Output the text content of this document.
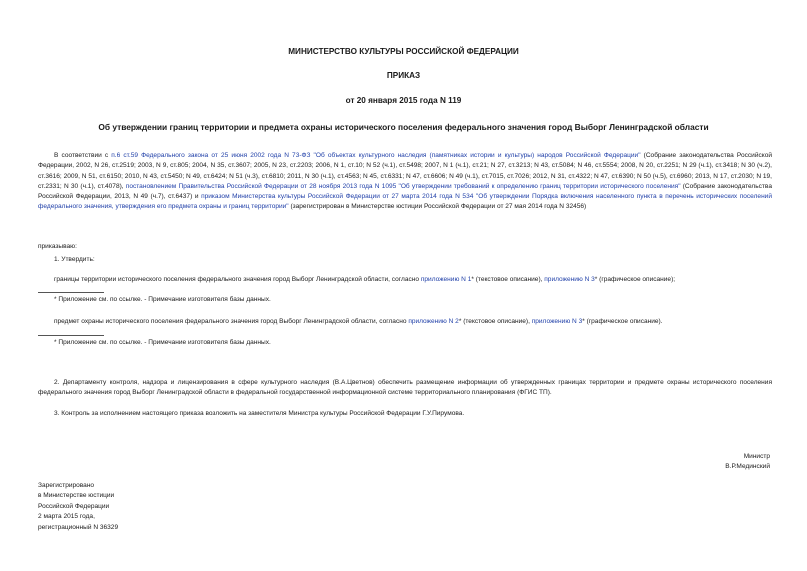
МИНИСТЕРСТВО КУЛЬТУРЫ РОССИЙСКОЙ ФЕДЕРАЦИИ
ПРИКАЗ
от 20 января 2015 года N 119
Об утверждении границ территории и предмета охраны исторического поселения федерального значения город Выборг Ленинградской области
В соответствии с п.6 ст.59 Федерального закона от 25 июня 2002 года N 73-ФЗ "Об объектах культурного наследия (памятниках истории и культуры) народов Российской Федерации" (Собрание законодательства Российской Федерации, 2002, N 26, ст.2519; 2003, N 9, ст.805; 2004, N 35, ст.3607; 2005, N 23, ст.2203; 2006, N 1, ст.10; N 52 (ч.1), ст.5498; 2007, N 1 (ч.1), ст.21; N 27, ст.3213; N 43, ст.5084; N 46, ст.5554; 2008, N 20, ст.2251; N 29 (ч.1), ст.3418; N 30 (ч.2), ст.3616; 2009, N 51, ст.6150; 2010, N 43, ст.5450; N 49, ст.6424; N 51 (ч.3), ст.6810; 2011, N 30 (ч.1), ст.4563; N 45, ст.6331; N 47, ст.6606; N 49 (ч.1), ст.7015, ст.7026; 2012, N 31, ст.4322; N 47, ст.6390; N 50 (ч.5), ст.6960; 2013, N 17, ст.2030; N 19, ст.2331; N 30 (ч.1), ст.4078), постановлением Правительства Российской Федерации от 28 ноября 2013 года N 1095 "Об утверждении требований к определению границ территории исторического поселения" (Собрание законодательства Российской Федерации, 2013, N 49 (ч.7), ст.6437) и приказом Министерства культуры Российской Федерации от 27 марта 2014 года N 534 "Об утверждении Порядка включения населенного пункта в перечень исторических поселений федерального значения, утверждения его предмета охраны и границ территории" (зарегистрирован в Министерстве юстиции Российской Федерации от 27 мая 2014 года N 32456)
приказываю:
1. Утвердить:
границы территории исторического поселения федерального значения город Выборг Ленинградской области, согласно приложению N 1* (текстовое описание), приложению N 3* (графическое описание);
* Приложение см. по ссылке. - Примечание изготовителя базы данных.
предмет охраны исторического поселения федерального значения город Выборг Ленинградской области, согласно приложению N 2* (текстовое описание), приложению N 3* (графическое описание).
* Приложение см. по ссылке. - Примечание изготовителя базы данных.
2. Департаменту контроля, надзора и лицензирования в сфере культурного наследия (В.А.Цветнов) обеспечить размещение информации об утвержденных границах территории и предмете охраны исторического поселения федерального значения город Выборг Ленинградской области в федеральной государственной информационной системе территориального планирования (ФГИС ТП).
3. Контроль за исполнением настоящего приказа возложить на заместителя Министра культуры Российской Федерации Г.У.Пирумова.
Министр
В.Р.Мединский
Зарегистрировано
в Министерстве юстиции
Российской Федерации
2 марта 2015 года,
регистрационный N 36329
